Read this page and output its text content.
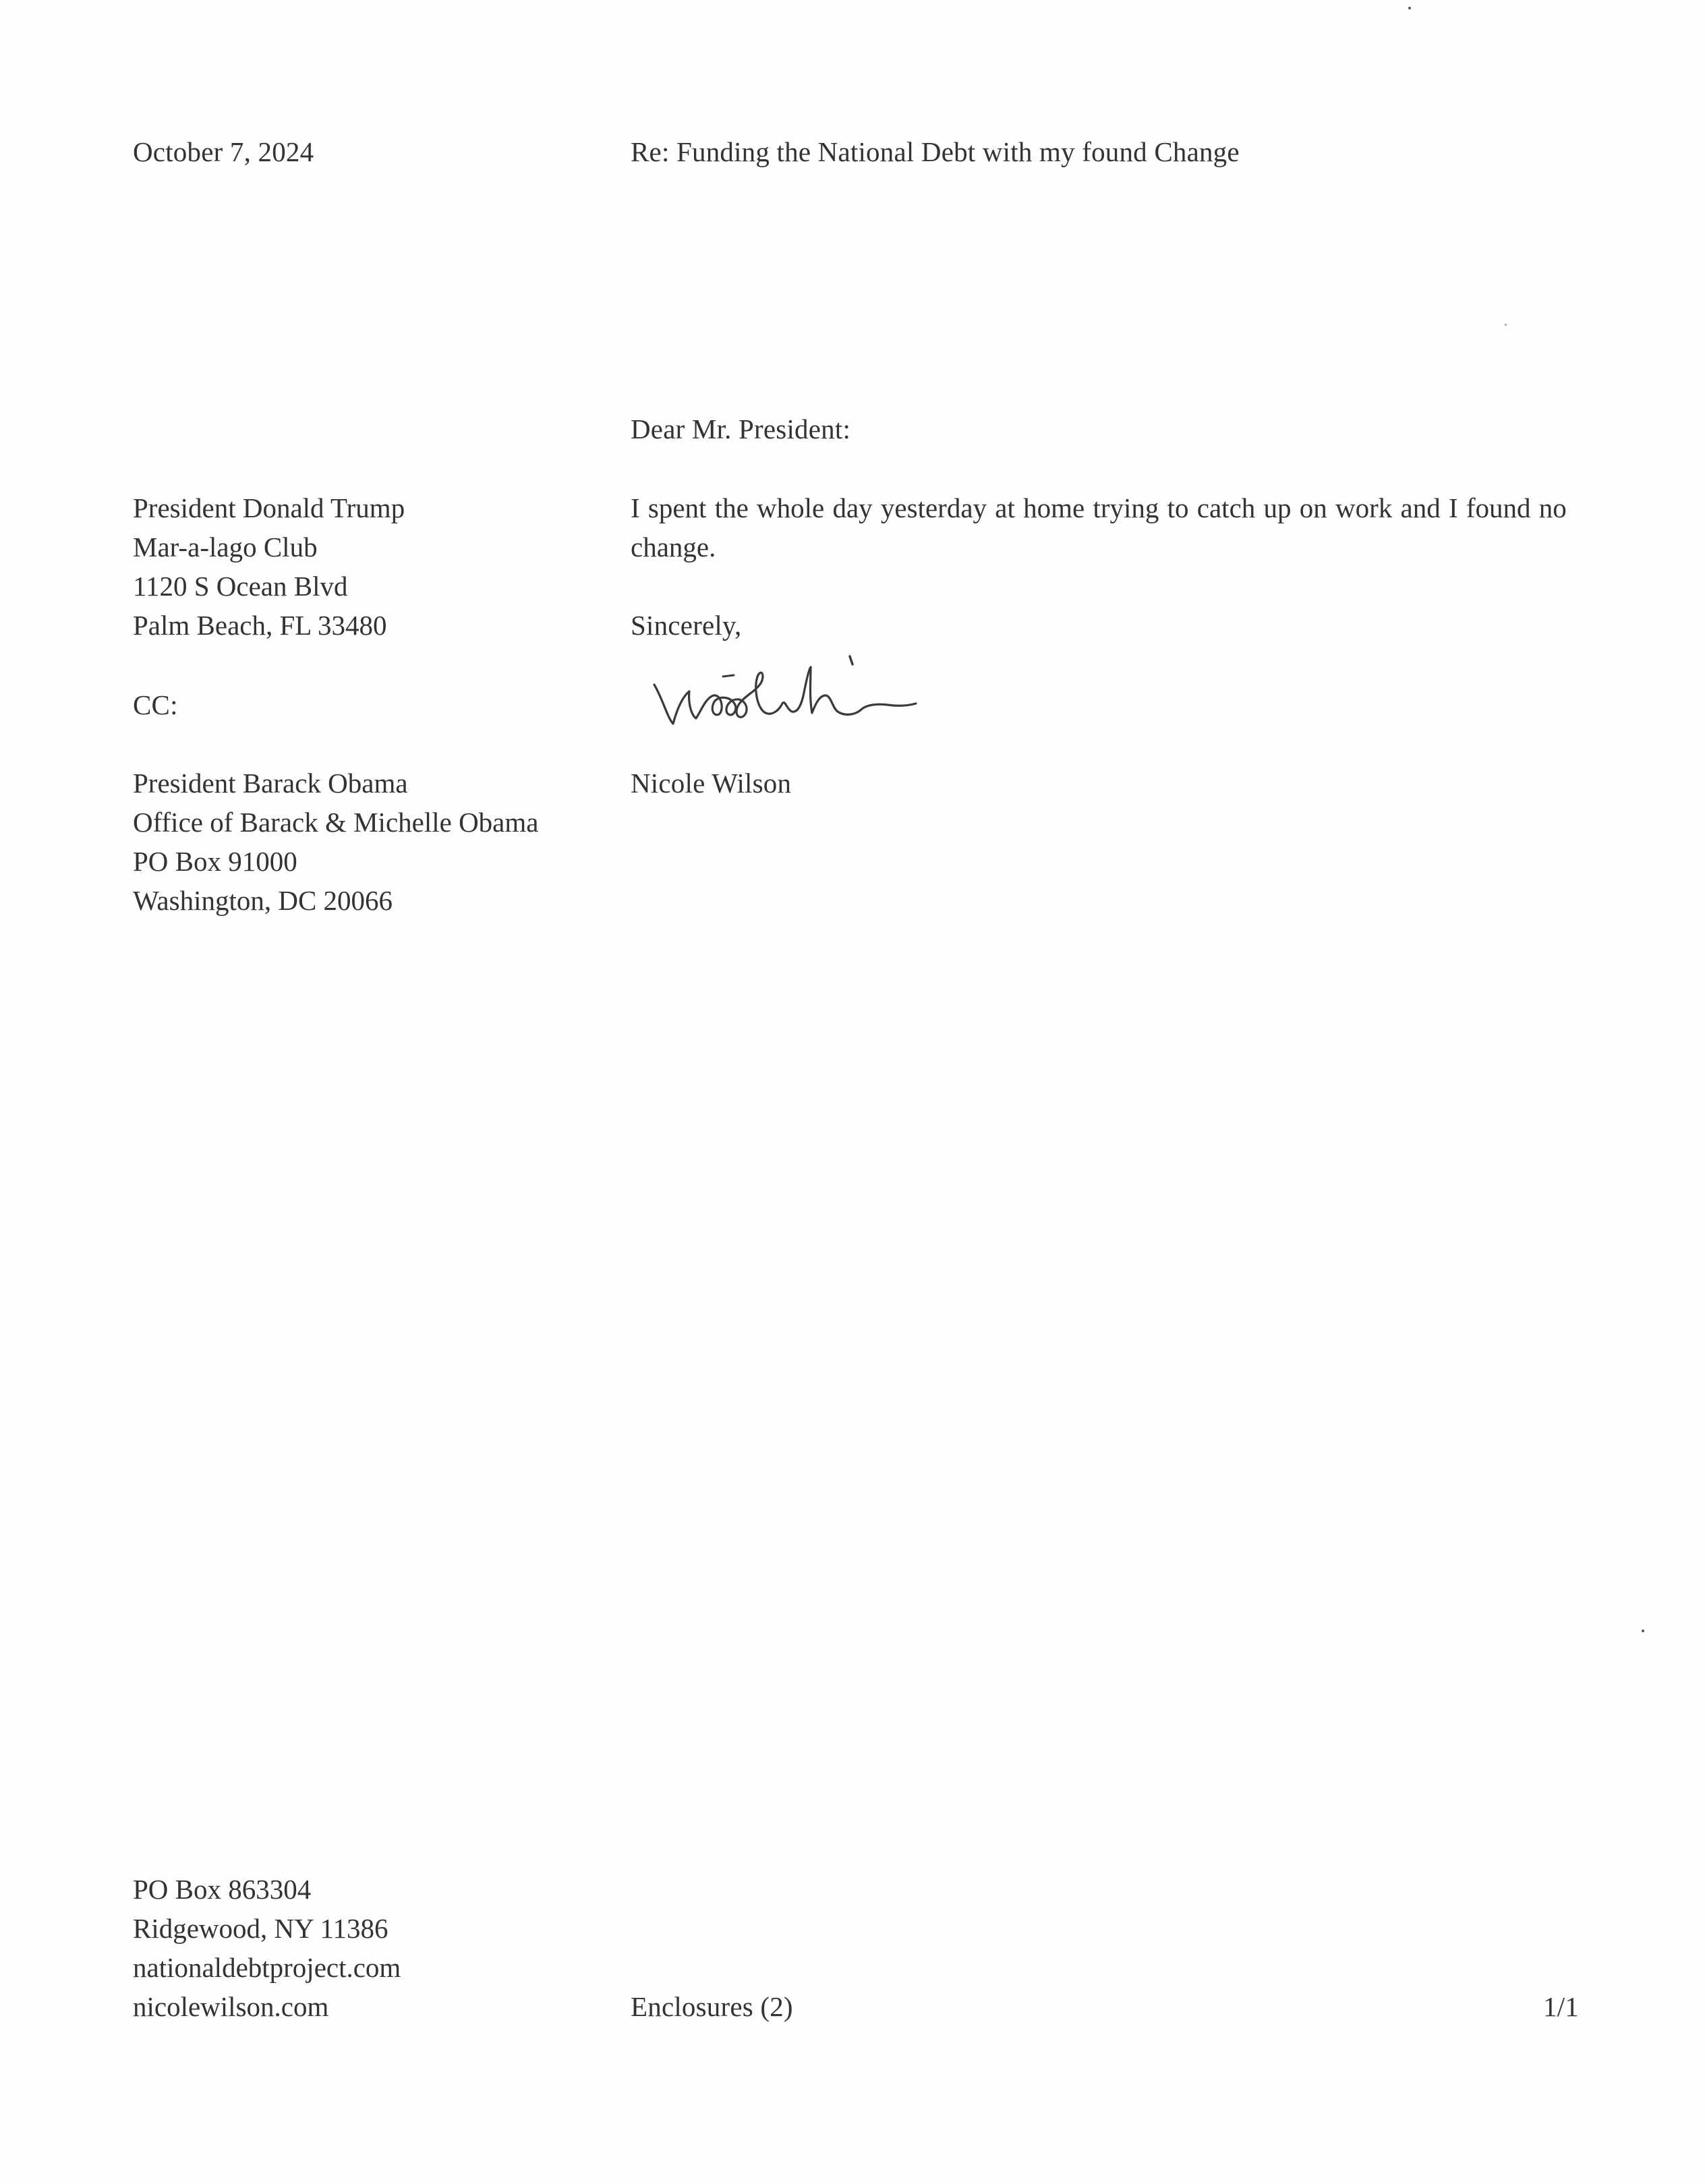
October 7, 2024	Re: Funding the National Debt with my found Change
Dear Mr. President:
President Donald Trump
Mar-a-lago Club
1120 S Ocean Blvd
Palm Beach, FL 33480
I spent the whole day yesterday at home trying to catch up on work and I found no change.
Sincerely,
CC:
President Barack Obama
Office of Barack & Michelle Obama
PO Box 91000
Washington, DC 20066
Nicole Wilson
PO Box 863304
Ridgewood, NY 11386
nationaldebtproject.com
nicolewilson.com	Enclosures (2)	1/1
